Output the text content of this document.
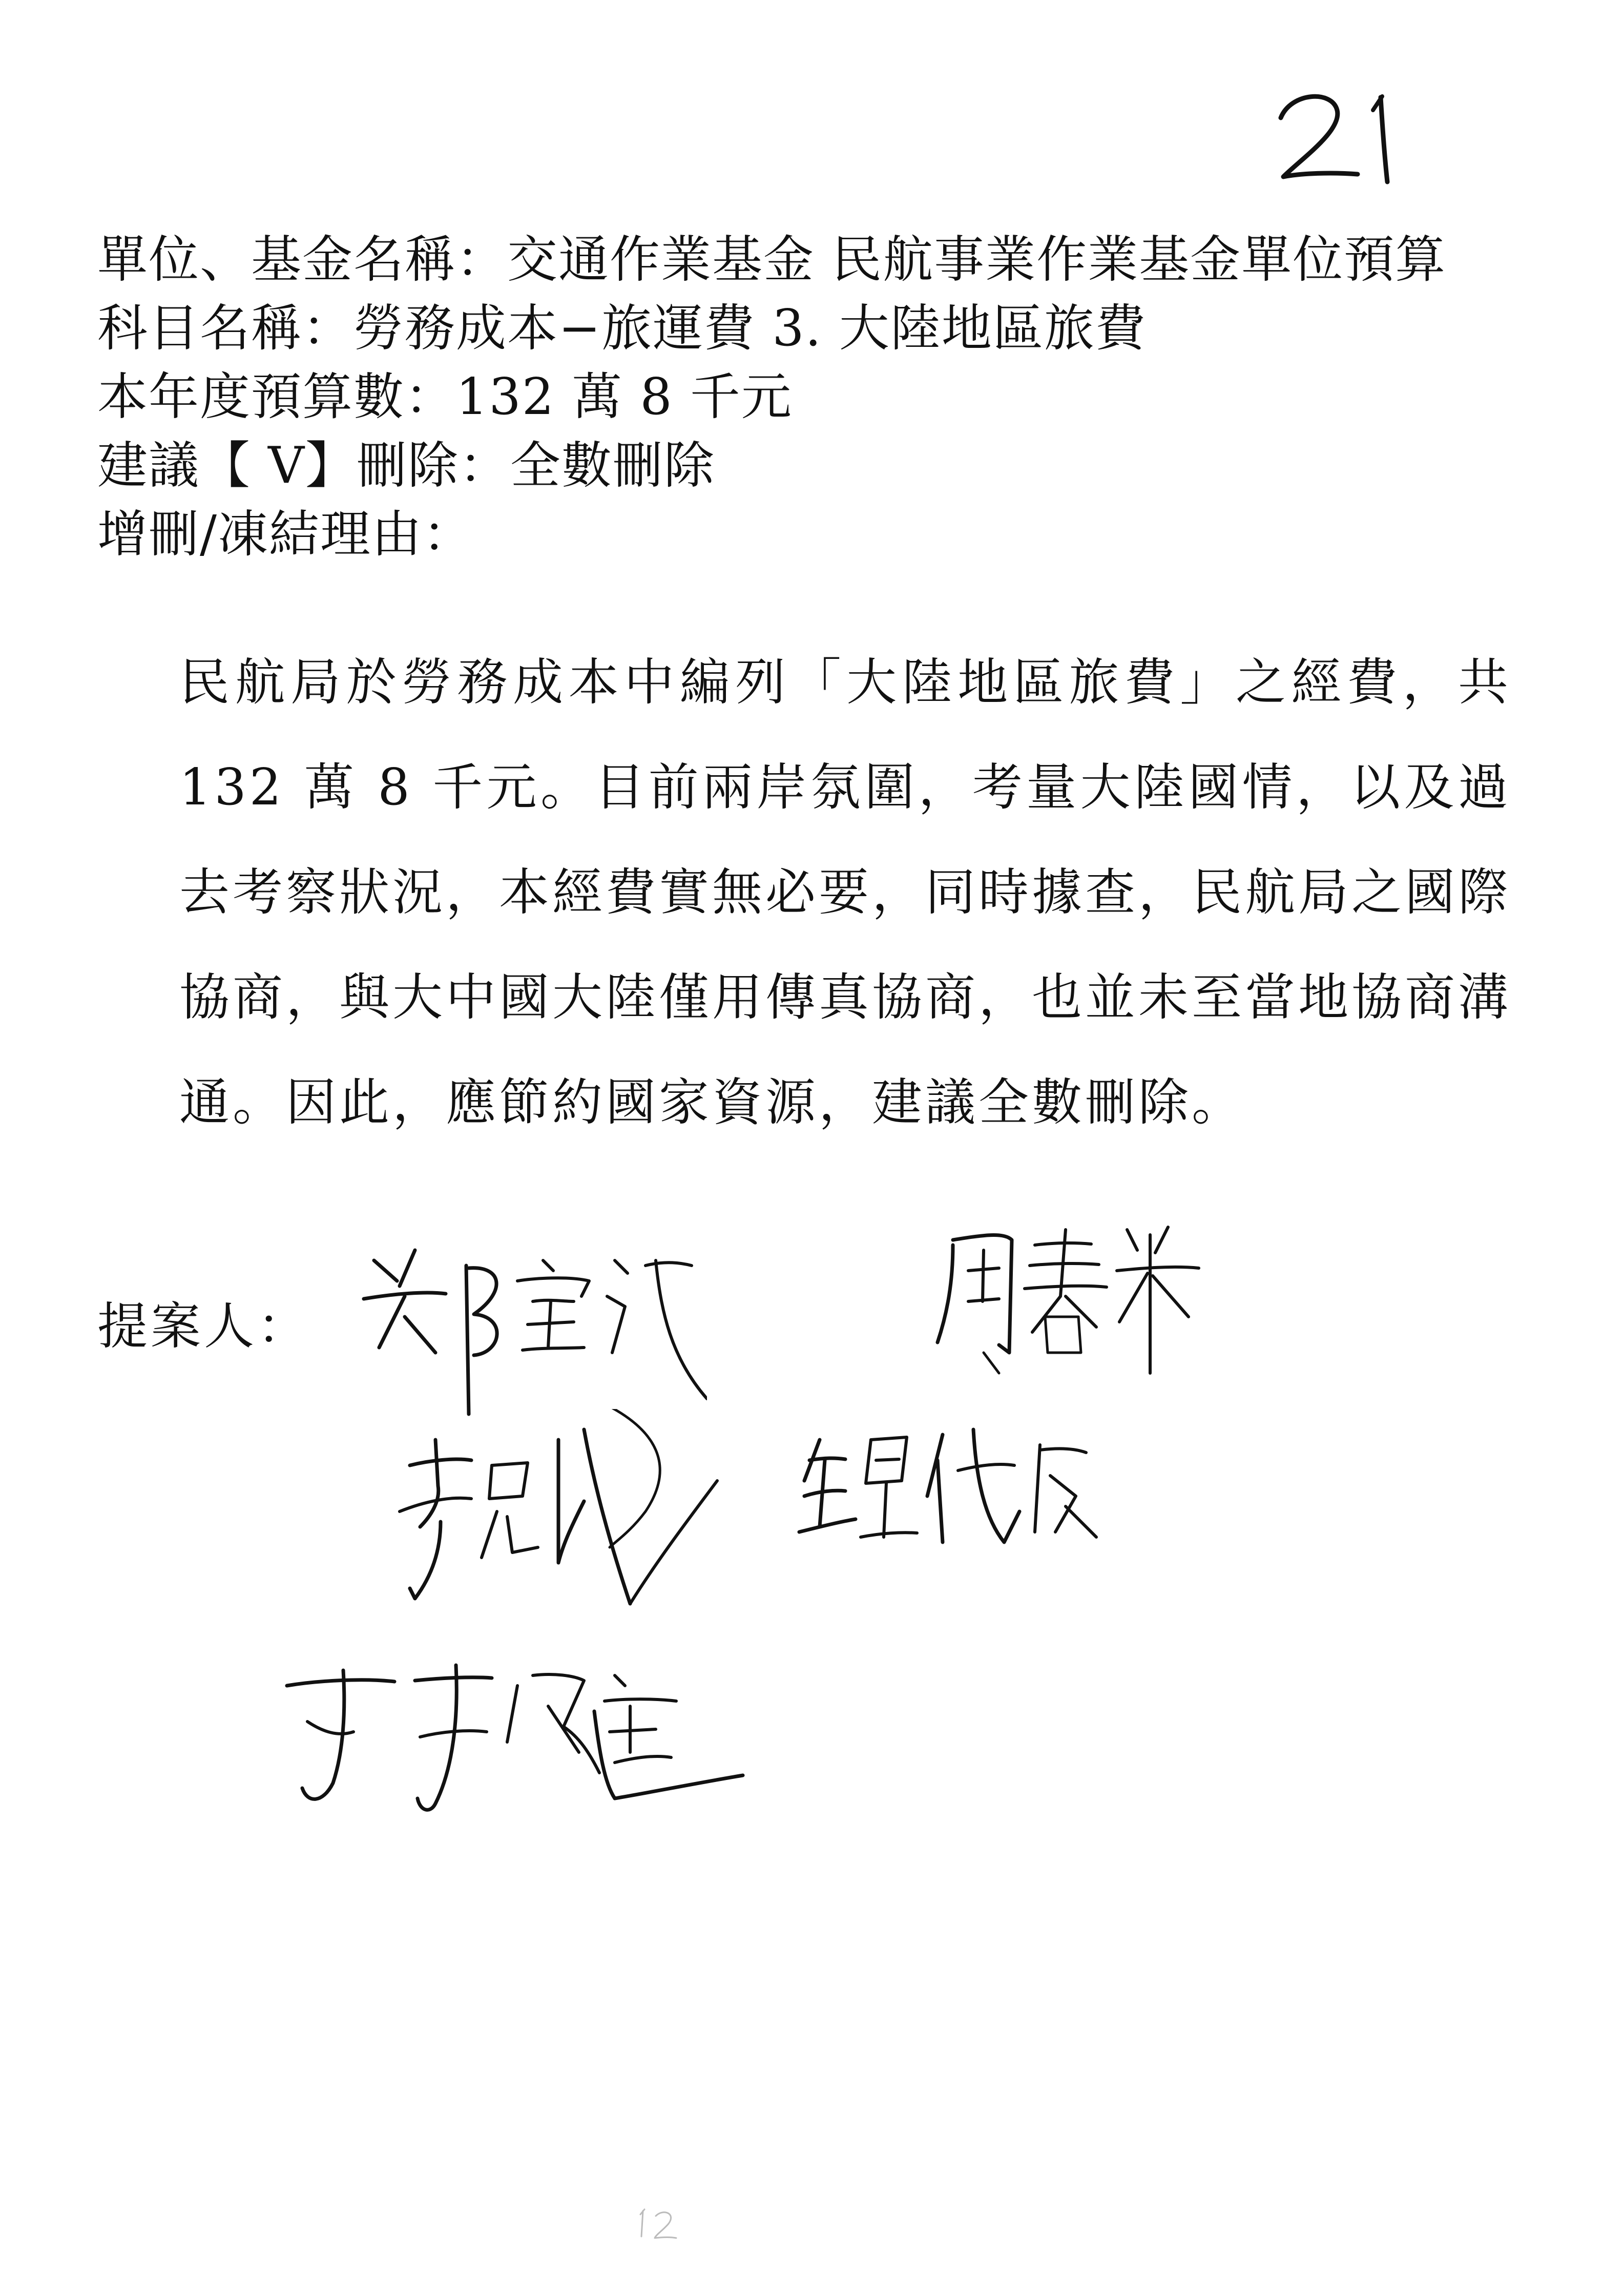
單位、基金名稱：交通作業基金 民航事業作業基金單位預算
科目名稱：勞務成本−旅運費 3. 大陸地區旅費
本年度預算數：132 萬 8 千元
建議【 V】刪除：全數刪除
增刪/凍結理由：
民航局於勞務成本中編列「大陸地區旅費」之經費，共 132 萬 8 千元。目前兩岸氛圍，考量大陸國情，以及過去考察狀況，本經費實無必要，同時據查，民航局之國際協商，與大中國大陸僅用傳真協商，也並未至當地協商溝通。因此，應節約國家資源，建議全數刪除。
提案人：
